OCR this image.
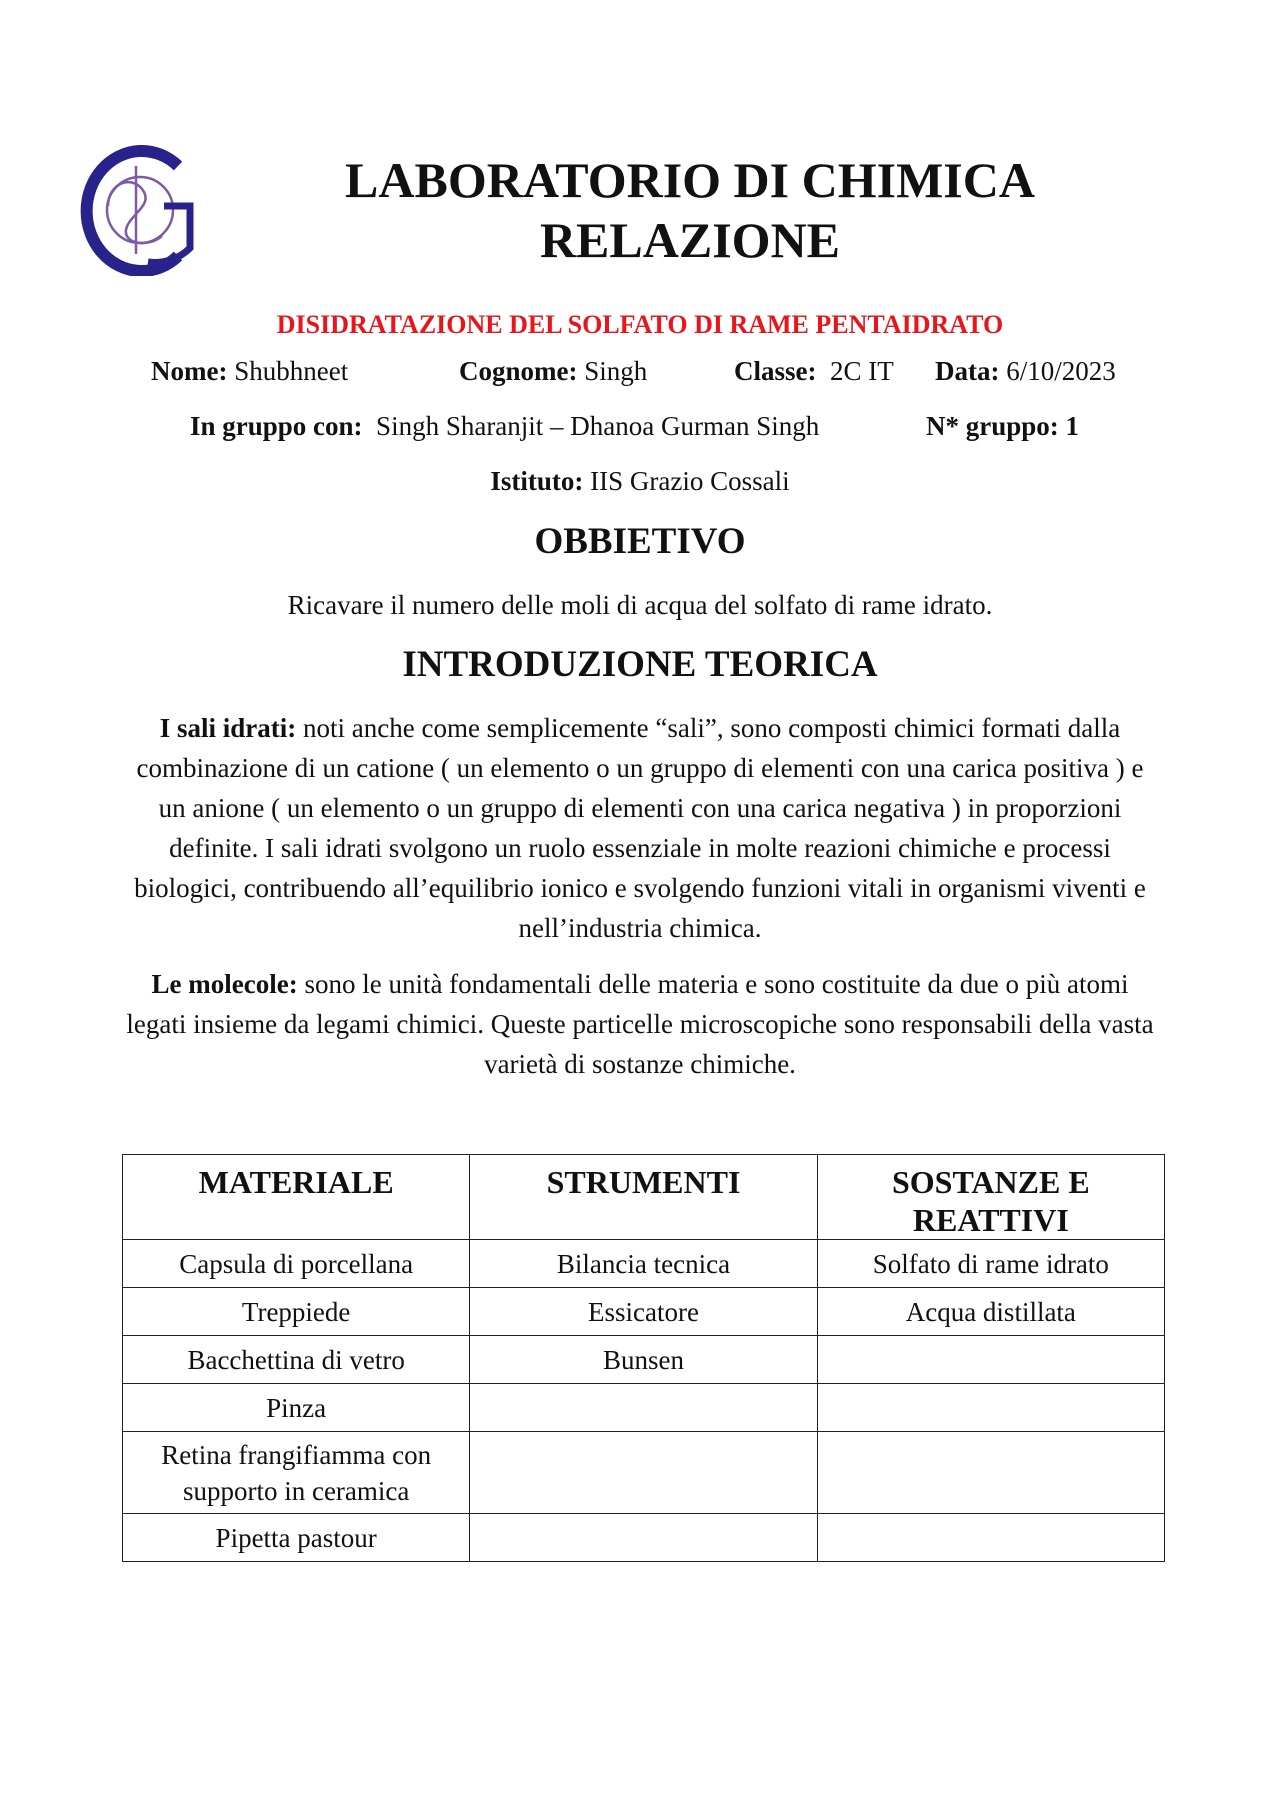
LABORATORIO DI CHIMICA
RELAZIONE
DISIDRATAZIONE DEL SOLFATO DI RAME PENTAIDRATO
Nome: Shubhneet	Cognome: Singh	Classe: 2C IT Data: 6/10/2023
In gruppo con: Singh Sharanjit – Dhanoa Gurman Singh	N* gruppo: 1
Istituto: IIS Grazio Cossali
OBBIETIVO
Ricavare il numero delle moli di acqua del solfato di rame idrato.
INTRODUZIONE TEORICA

I sali idrati: noti anche come semplicemente “sali”, sono composti chimici formati dalla combinazione di un catione ( un elemento o un gruppo di elementi con una carica positiva ) e un anione ( un elemento o un gruppo di elementi con una carica negativa ) in proporzioni definite. I sali idrati svolgono un ruolo essenziale in molte reazioni chimiche e processi biologici, contribuendo all’equilibrio ionico e svolgendo funzioni vitali in organismi viventi e nell’industria chimica.

Le molecole: sono le unità fondamentali delle materia e sono costituite da due o più atomi legati insieme da legami chimici. Queste particelle microscopiche sono responsabili della vasta varietà di sostanze chimiche.

MATERIALE	STRUMENTI	SOSTANZE E REATTIVI
Capsula di porcellana	Bilancia tecnica	Solfato di rame idrato
Treppiede	Essicatore	Acqua distillata
Bacchettina di vetro	Bunsen	
Pinza		
Retina frangifiamma con supporto in ceramica		
Pipetta pastour		
